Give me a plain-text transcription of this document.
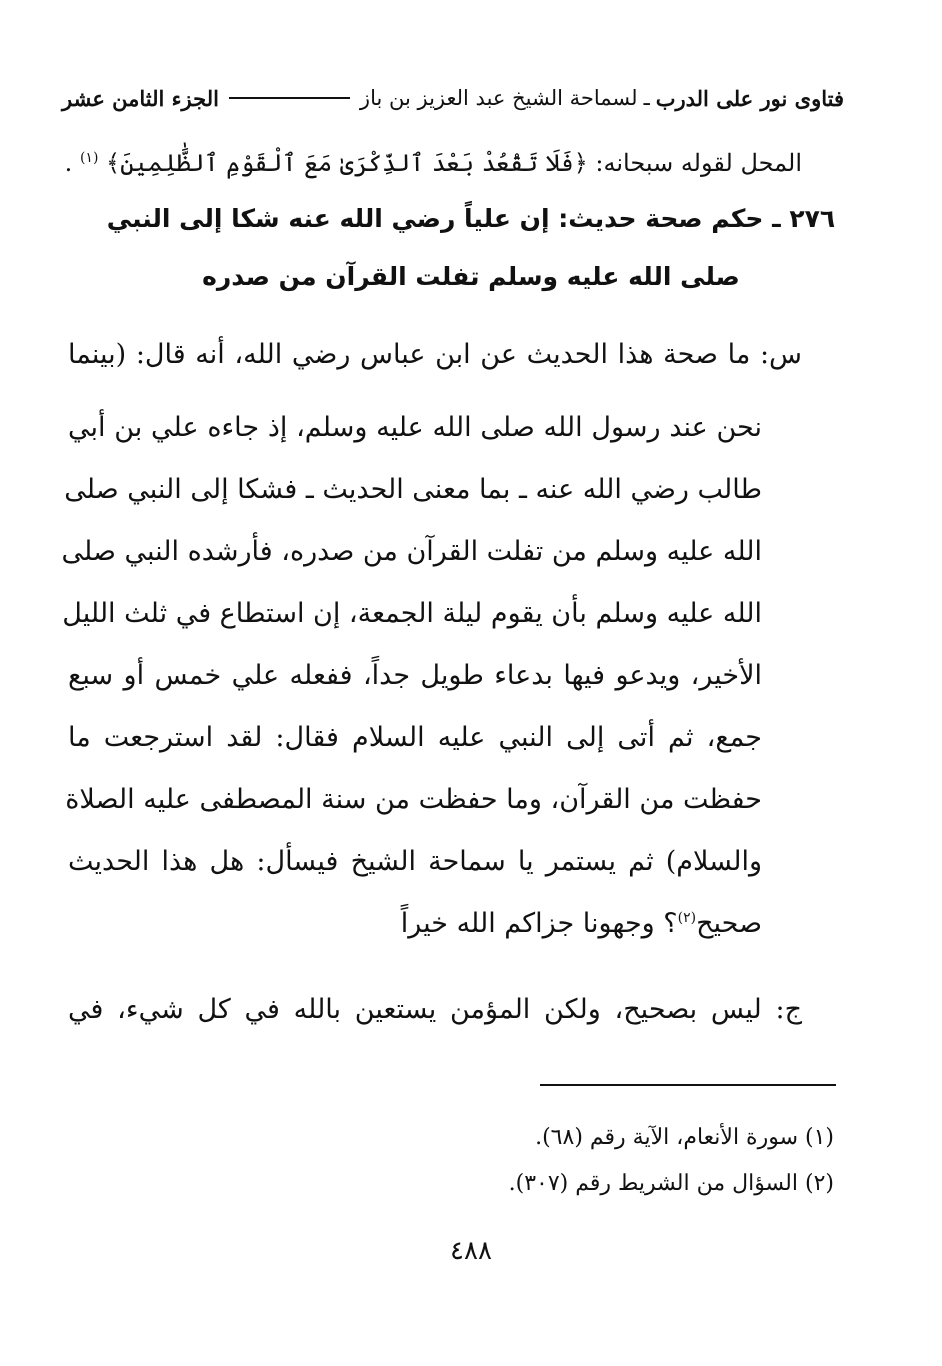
فتاوى نور على الدرب
ـ
لسماحة الشيخ عبد العزيز بن باز
الجزء الثامن عشر
المحل لقوله سبحانه: ﴿فَلَا تَقْعُدْ بَعْدَ ٱلذِّكْرَىٰ مَعَ ٱلْقَوْمِ ٱلظَّٰلِمِينَ﴾ $^{(١)}$ .
٢٧٦ ـ حكم صحة حديث: إن علياً رضي الله عنه شكا إلى النبي
صلى الله عليه وسلم تفلت القرآن من صدره
س: ما صحة هذا الحديث عن ابن عباس رضي الله، أنه قال: (بينما
نحن عند رسول الله صلى الله عليه وسلم، إذ جاءه علي بن أبي
طالب رضي الله عنه ـ بما معنى الحديث ـ فشكا إلى النبي صلى
الله عليه وسلم من تفلت القرآن من صدره، فأرشده النبي صلى
الله عليه وسلم بأن يقوم ليلة الجمعة، إن استطاع في ثلث الليل
الأخير، ويدعو فيها بدعاء طويل جداً، ففعله علي خمس أو سبع
جمع، ثم أتى إلى النبي عليه السلام فقال: لقد استرجعت ما
حفظت من القرآن، وما حفظت من سنة المصطفى عليه الصلاة
والسلام) ثم يستمر يا سماحة الشيخ فيسأل: هل هذا الحديث
صحيح$^{(٢)}$؟ وجهونا جزاكم الله خيراً
ج: ليس بصحيح، ولكن المؤمن يستعين بالله في كل شيء، في
(١) سورة الأنعام، الآية رقم (٦٨).
(٢) السؤال من الشريط رقم (٣٠٧).
٤٨٨
